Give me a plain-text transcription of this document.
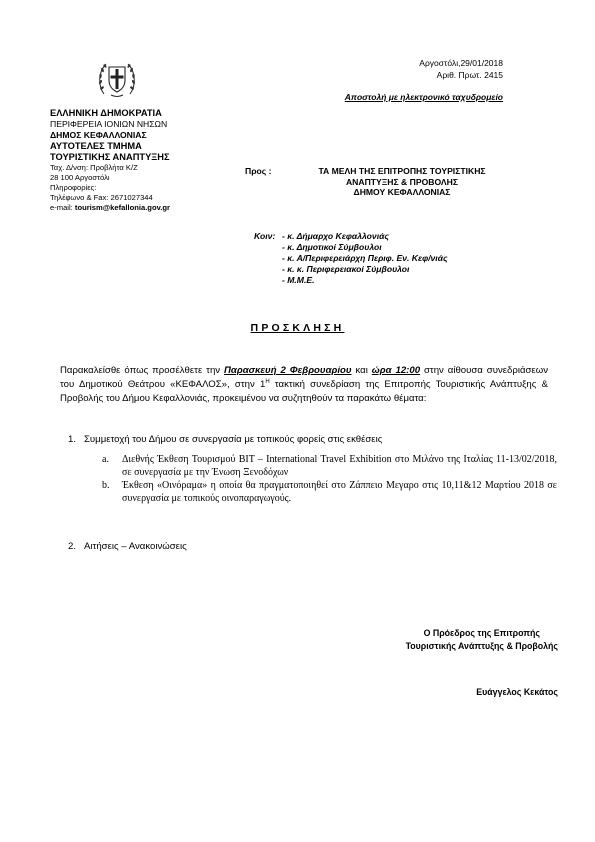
Αργοστόλι,29/01/2018
Αριθ. Πρωτ. 2415
Αποστολή με ηλεκτρονικό ταχυδρομείο
ΕΛΛΗΝΙΚΗ ΔΗΜΟΚΡΑΤΙΑ
ΠΕΡΙΦΕΡΕΙΑ ΙΟΝΙΩΝ ΝΗΣΩΝ
ΔΗΜΟΣ ΚΕΦΑΛΛΟΝΙΑΣ
ΑΥΤΟΤΕΛΕΣ ΤΜΗΜΑ
ΤΟΥΡΙΣΤΙΚΗΣ ΑΝΑΠΤΥΞΗΣ
Ταχ. Δ/νση: Προβλήτα Κ/Ζ
28 100 Αργοστόλι
Πληροφορίες:
Τηλέφωνο & Fax: 2671027344
e-mail: tourism@kefallonia.gov.gr
Προς :	ΤΑ ΜΕΛΗ ΤΗΣ ΕΠΙΤΡΟΠΗΣ ΤΟΥΡΙΣΤΙΚΗΣ
ΑΝΑΠΤΥΞΗΣ & ΠΡΟΒΟΛΗΣ
ΔΗΜΟΥ ΚΕΦΑΛΛΟΝΙΑΣ
Κοιν: - κ. Δήμαρχο Κεφαλλονιάς
- κ. Δημοτικοί Σύμβουλοι
- κ. Α/Περιφερειάρχη Περιφ. Εν. Κεφ/νιάς
- κ. κ. Περιφερειακοί Σύμβουλοι
- Μ.Μ.Ε.
ΠΡΟΣΚΛΗΣΗ
Παρακαλείσθε όπως προσέλθετε την Παρασκευή 2 Φεβρουαρίου και ώρα 12:00 στην αίθουσα συνεδριάσεων του Δημοτικού Θεάτρου «ΚΕΦΑΛΟΣ», στην $1^H$ τακτική συνεδρίαση της Επιτροπής Τουριστικής Ανάπτυξης & Προβολής του Δήμου Κεφαλλονιάς, προκειμένου να συζητηθούν τα παρακάτω θέματα:
1. Συμμετοχή του Δήμου σε συνεργασία με τοπικούς φορείς στις εκθέσεις
a. Διεθνής Έκθεση Τουρισμού BIT – International Travel Exhibition στο Μιλάνο της Ιταλίας 11-13/02/2018, σε συνεργασία με την Ένωση Ξενοδόχων
b. Έκθεση «Οινόραμα» η οποία θα πραγματοποιηθεί στο Ζάππειο Μεγαρο στις 10,11&12 Μαρτίου 2018 σε συνεργασία με τοπικούς οινοπαραγωγούς.
2. Αιτήσεις – Ανακοινώσεις
Ο Πρόεδρος της Επιτροπής
Τουριστικής Ανάπτυξης & Προβολής
Ευάγγελος Κεκάτος
